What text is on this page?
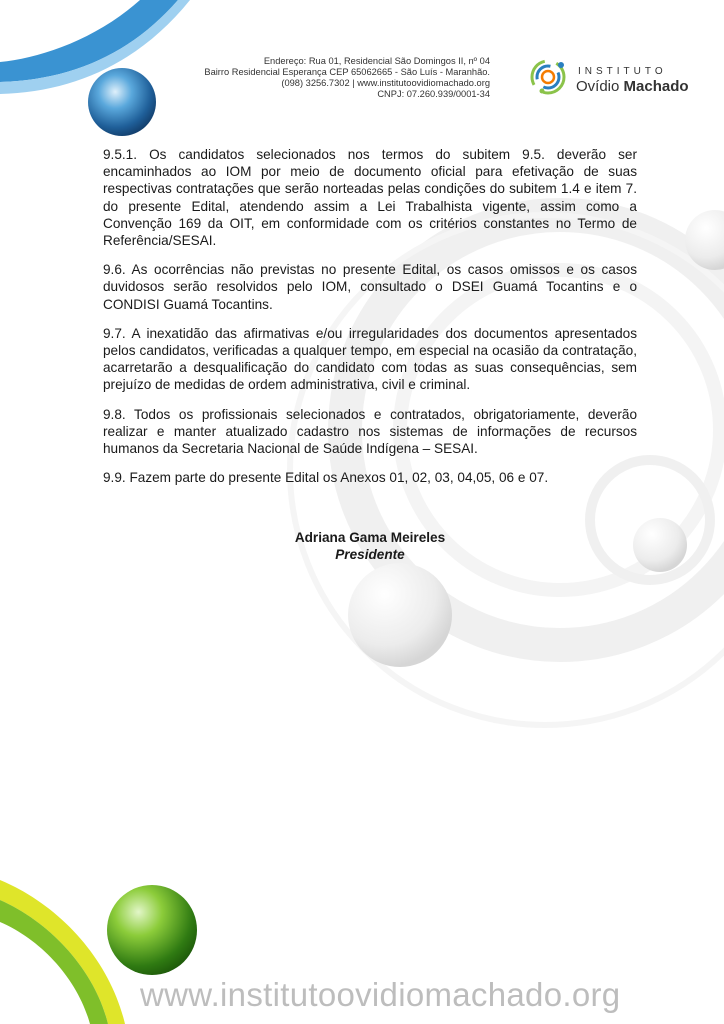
Endereço: Rua 01, Residencial São Domingos II, nº 04
Bairro Residencial Esperança CEP 65062665 - São Luís - Maranhão.
(098) 3256.7302 | www.institutoovidiomachado.org
CNPJ: 07.260.939/0001-34
INSTITUTO
Ovídio Machado

9.5.1. Os candidatos selecionados nos termos do subitem 9.5. deverão ser encaminhados ao IOM por meio de documento oficial para efetivação de suas respectivas contratações que serão norteadas pelas condições do subitem 1.4 e item 7. do presente Edital, atendendo assim a Lei Trabalhista vigente, assim como a Convenção 169 da OIT, em conformidade com os critérios constantes no Termo de Referência/SESAI.

9.6. As ocorrências não previstas no presente Edital, os casos omissos e os casos duvidosos serão resolvidos pelo IOM, consultado o DSEI Guamá Tocantins e o CONDISI Guamá Tocantins.

9.7. A inexatidão das afirmativas e/ou irregularidades dos documentos apresentados pelos candidatos, verificadas a qualquer tempo, em especial na ocasião da contratação, acarretarão a desqualificação do candidato com todas as suas consequências, sem prejuízo de medidas de ordem administrativa, civil e criminal.

9.8. Todos os profissionais selecionados e contratados, obrigatoriamente, deverão realizar e manter atualizado cadastro nos sistemas de informações de recursos humanos da Secretaria Nacional de Saúde Indígena – SESAI.

9.9. Fazem parte do presente Edital os Anexos 01, 02, 03, 04,05, 06 e 07.

Adriana Gama Meireles
Presidente
www.institutoovidiomachado.org
